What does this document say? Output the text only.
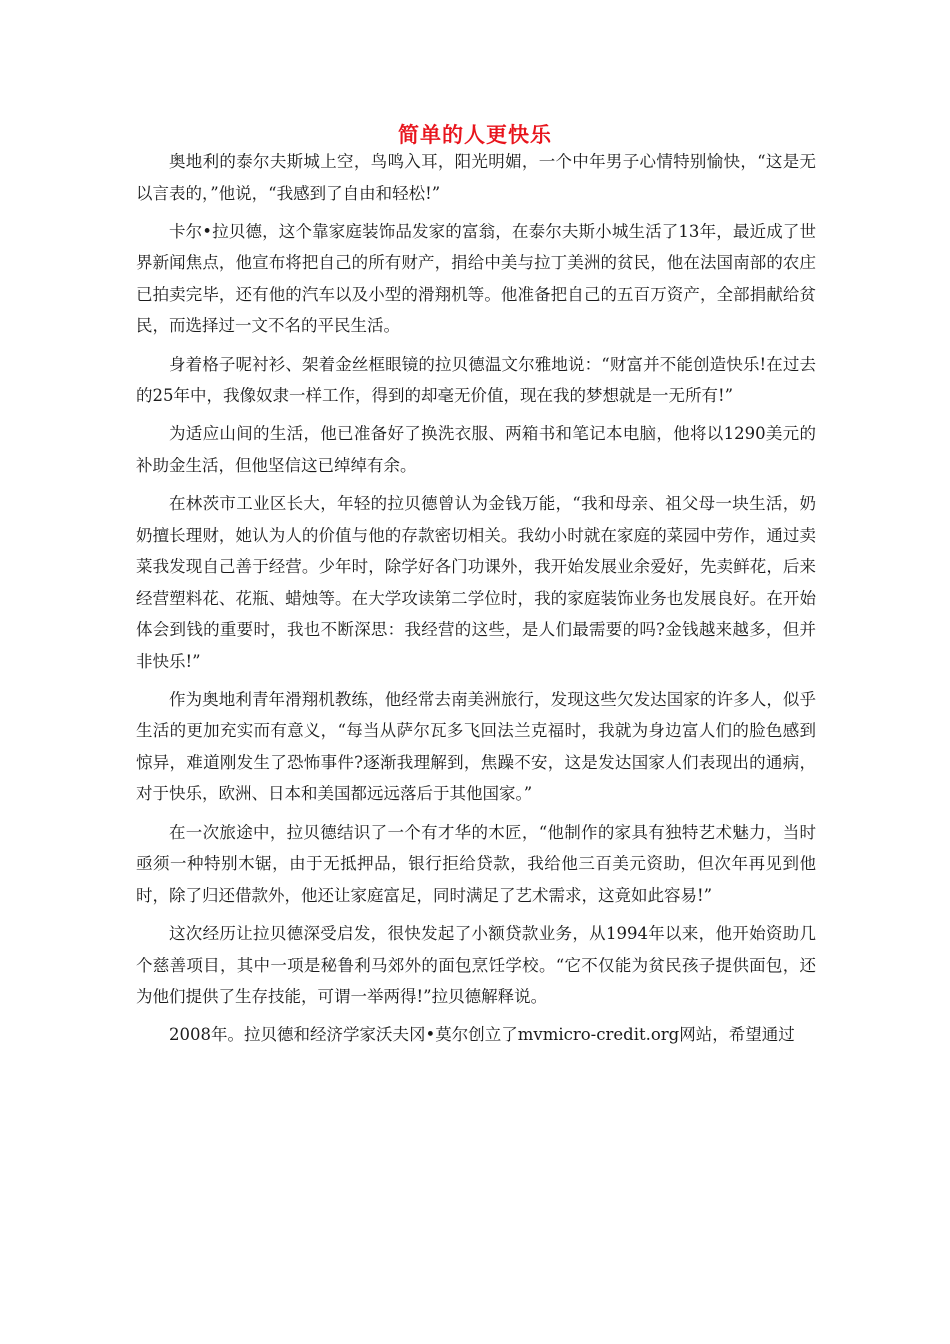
简单的人更快乐

奥地利的泰尔夫斯城上空，鸟鸣入耳，阳光明媚，一个中年男子心情特别愉快，“这是无以言表的，”他说，“我感到了自由和轻松!”

卡尔•拉贝德，这个靠家庭装饰品发家的富翁，在泰尔夫斯小城生活了13年，最近成了世界新闻焦点，他宣布将把自己的所有财产，捐给中美与拉丁美洲的贫民，他在法国南部的农庄已拍卖完毕，还有他的汽车以及小型的滑翔机等。他准备把自己的五百万资产，全部捐献给贫民，而选择过一文不名的平民生活。

身着格子呢衬衫、架着金丝框眼镜的拉贝德温文尔雅地说：“财富并不能创造快乐!在过去的25年中，我像奴隶一样工作，得到的却毫无价值，现在我的梦想就是一无所有!”

为适应山间的生活，他已准备好了换洗衣服、两箱书和笔记本电脑，他将以1290美元的补助金生活，但他坚信这已绰绰有余。

在林茨市工业区长大，年轻的拉贝德曾认为金钱万能，“我和母亲、祖父母一块生活，奶奶擅长理财，她认为人的价值与他的存款密切相关。我幼小时就在家庭的菜园中劳作，通过卖菜我发现自己善于经营。少年时，除学好各门功课外，我开始发展业余爱好，先卖鲜花，后来经营塑料花、花瓶、蜡烛等。在大学攻读第二学位时，我的家庭装饰业务也发展良好。在开始体会到钱的重要时，我也不断深思：我经营的这些，是人们最需要的吗?金钱越来越多，但并非快乐!”

作为奥地利青年滑翔机教练，他经常去南美洲旅行，发现这些欠发达国家的许多人，似乎生活的更加充实而有意义，“每当从萨尔瓦多飞回法兰克福时，我就为身边富人们的脸色感到惊异，难道刚发生了恐怖事件?逐渐我理解到，焦躁不安，这是发达国家人们表现出的通病，对于快乐，欧洲、日本和美国都远远落后于其他国家。”

在一次旅途中，拉贝德结识了一个有才华的木匠，“他制作的家具有独特艺术魅力，当时亟须一种特别木锯，由于无抵押品，银行拒给贷款，我给他三百美元资助，但次年再见到他时，除了归还借款外，他还让家庭富足，同时满足了艺术需求，这竟如此容易!”

这次经历让拉贝德深受启发，很快发起了小额贷款业务，从1994年以来，他开始资助几个慈善项目，其中一项是秘鲁利马郊外的面包烹饪学校。“它不仅能为贫民孩子提供面包，还为他们提供了生存技能，可谓一举两得!”拉贝德解释说。

2008年。拉贝德和经济学家沃夫冈•莫尔创立了mvmicro-credit.org网站，希望通过
